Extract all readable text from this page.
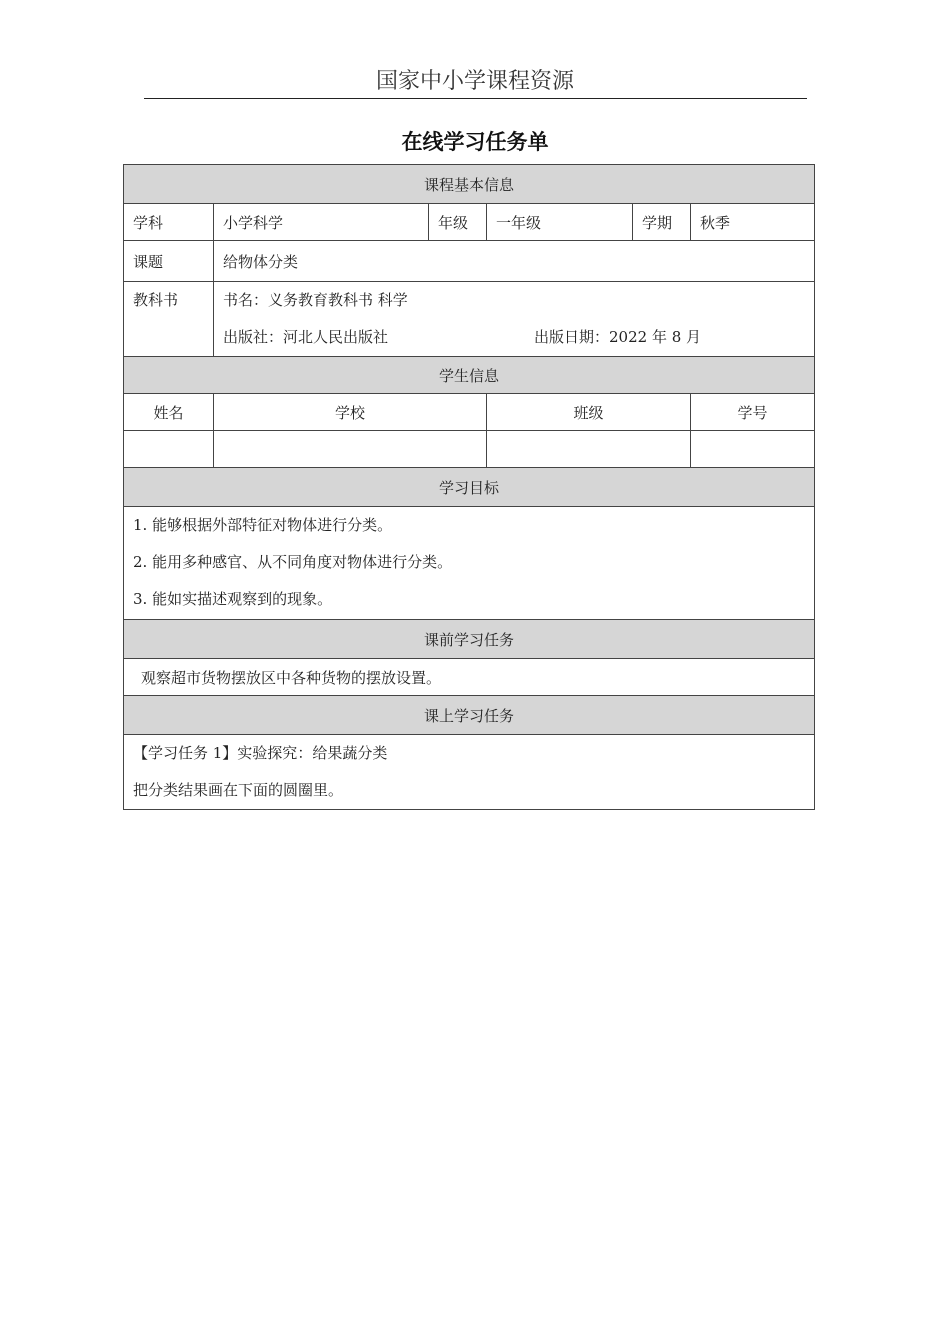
国家中小学课程资源
在线学习任务单
课程基本信息					
学科	小学科学	年级	一年级	学期	秋季
课题	给物体分类				

教科书	书名：义务教育教科书 科学
出版社：河北人民出版社 出版日期：2022 年 8 月				

学生信息					
姓名	学校		班级		学号

学习目标					

1. 能够根据外部特征对物体进行分类。
2. 能用多种感官、从不同角度对物体进行分类。
3. 能如实描述观察到的现象。					

课前学习任务					
观察超市货物摆放区中各种货物的摆放设置。					
课上学习任务					

【学习任务 1】实验探究：给果蔬分类
把分类结果画在下面的圆圈里。					
